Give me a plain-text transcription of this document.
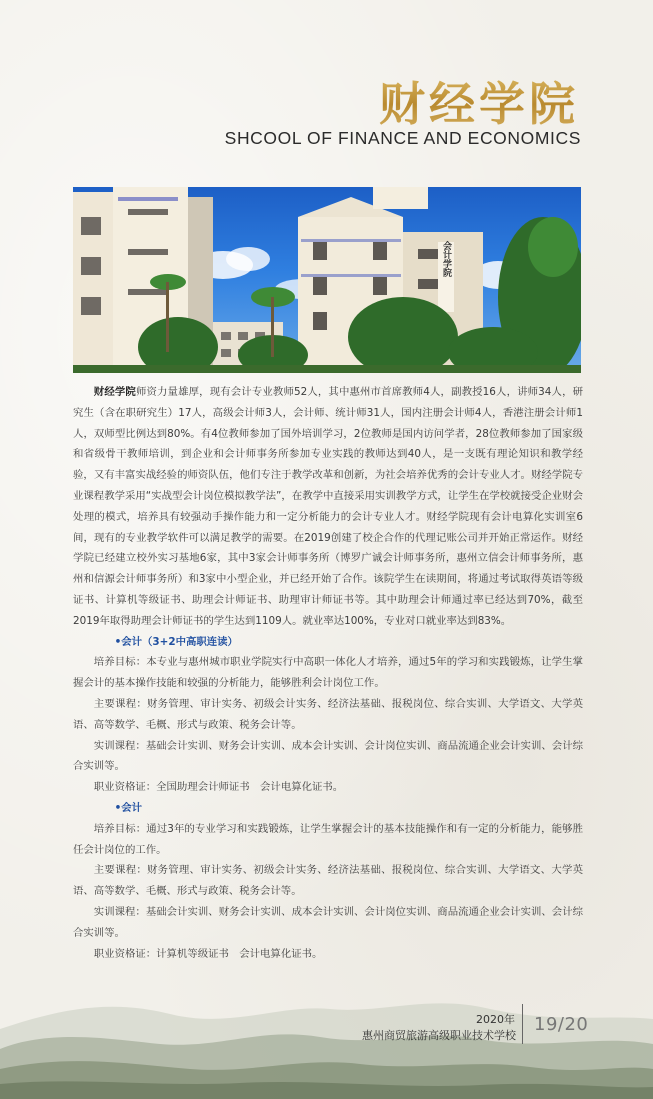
财经学院
SHCOOL OF FINANCE AND ECONOMICS
会计学院

财经学院师资力量雄厚，现有会计专业教师52人，其中惠州市首席教师4人，副教授16人，讲师34人，研究生（含在职研究生）17人，高级会计师3人，会计师、统计师31人，国内注册会计师4人，香港注册会计师1人，双师型比例达到80%。有4位教师参加了国外培训学习，2位教师是国内访问学者，28位教师参加了国家级和省级骨干教师培训，到企业和会计师事务所参加专业实践的教师达到40人，是一支既有理论知识和教学经验，又有丰富实战经验的师资队伍，他们专注于教学改革和创新，为社会培养优秀的会计专业人才。财经学院专业课程教学采用“实战型会计岗位模拟教学法”，在教学中直接采用实训教学方式，让学生在学校就接受企业财会处理的模式，培养具有较强动手操作能力和一定分析能力的会计专业人才。财经学院现有会计电算化实训室6间，现有的专业教学软件可以满足教学的需要。在2019创建了校企合作的代理记账公司并开始正常运作。财经学院已经建立校外实习基地6家，其中3家会计师事务所（博罗广诚会计师事务所，惠州立信会计师事务所，惠州和信源会计师事务所）和3家中小型企业，并已经开始了合作。该院学生在读期间，将通过考试取得英语等级证书、计算机等级证书、助理会计师证书、助理审计师证书等。其中助理会计师通过率已经达到70%，截至2019年取得助理会计师证书的学生达到1109人。就业率达100%，专业对口就业率达到83%。

•会计（3+2中高职连读）

培养目标：本专业与惠州城市职业学院实行中高职一体化人才培养，通过5年的学习和实践锻炼，让学生掌握会计的基本操作技能和较强的分析能力，能够胜利会计岗位工作。

主要课程：财务管理、审计实务、初级会计实务、经济法基础、报税岗位、综合实训、大学语文、大学英语、高等数学、毛概、形式与政策、税务会计等。

实训课程：基础会计实训、财务会计实训、成本会计实训、会计岗位实训、商品流通企业会计实训、会计综合实训等。

职业资格证：全国助理会计师证书　会计电算化证书。

•会计

培养目标：通过3年的专业学习和实践锻炼，让学生掌握会计的基本技能操作和有一定的分析能力，能够胜任会计岗位的工作。

主要课程：财务管理、审计实务、初级会计实务、经济法基础、报税岗位、综合实训、大学语文、大学英语、高等数学、毛概、形式与政策、税务会计等。

实训课程：基础会计实训、财务会计实训、成本会计实训、会计岗位实训、商品流通企业会计实训、会计综合实训等。

职业资格证：计算机等级证书　会计电算化证书。

2020年
惠州商贸旅游高级职业技术学校
19/20
